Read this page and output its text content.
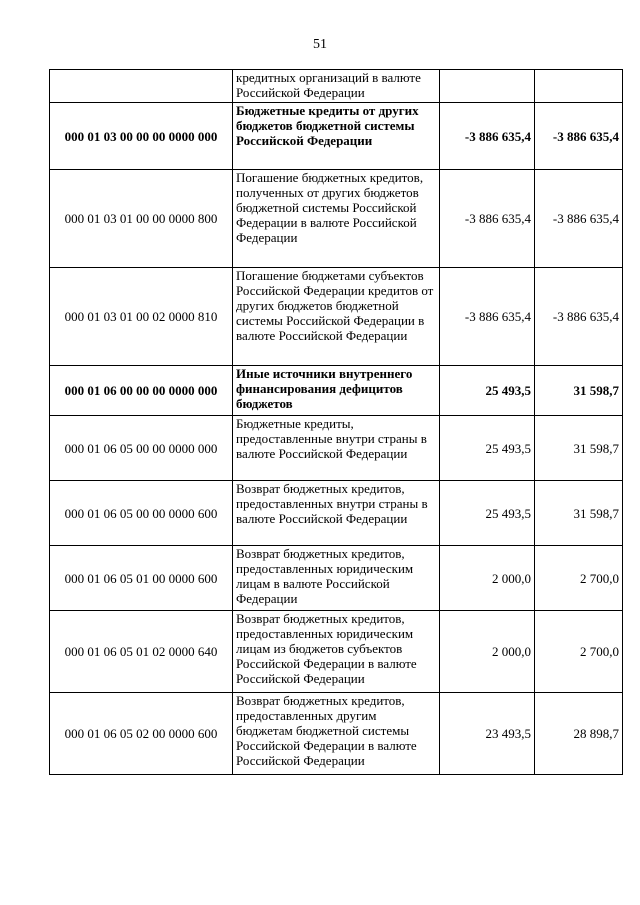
51
	кредитных организаций в валюте Российской Федерации		
000 01 03 00 00 00 0000 000	Бюджетные кредиты от других бюджетов бюджетной системы Российской Федерации	-3 886 635,4	-3 886 635,4
000 01 03 01 00 00 0000 800	Погашение бюджетных кредитов, полученных от других бюджетов бюджетной системы Российской Федерации в валюте Российской Федерации	-3 886 635,4	-3 886 635,4
000 01 03 01 00 02 0000 810	Погашение бюджетами субъектов Российской Федерации кредитов от других бюджетов бюджетной системы Российской Федерации в валюте Российской Федерации	-3 886 635,4	-3 886 635,4
000 01 06 00 00 00 0000 000	Иные источники внутреннего финансирования дефицитов бюджетов	25 493,5	31 598,7
000 01 06 05 00 00 0000 000	Бюджетные кредиты, предоставленные внутри страны в валюте Российской Федерации	25 493,5	31 598,7
000 01 06 05 00 00 0000 600	Возврат бюджетных кредитов, предоставленных внутри страны в валюте Российской Федерации	25 493,5	31 598,7
000 01 06 05 01 00 0000 600	Возврат бюджетных кредитов, предоставленных юридическим лицам в валюте Российской Федерации	2 000,0	2 700,0
000 01 06 05 01 02 0000 640	Возврат бюджетных кредитов, предоставленных юридическим лицам из бюджетов субъектов Российской Федерации в валюте Российской Федерации	2 000,0	2 700,0
000 01 06 05 02 00 0000 600	Возврат бюджетных кредитов, предоставленных другим бюджетам бюджетной системы Российской Федерации в валюте Российской Федерации	23 493,5	28 898,7
